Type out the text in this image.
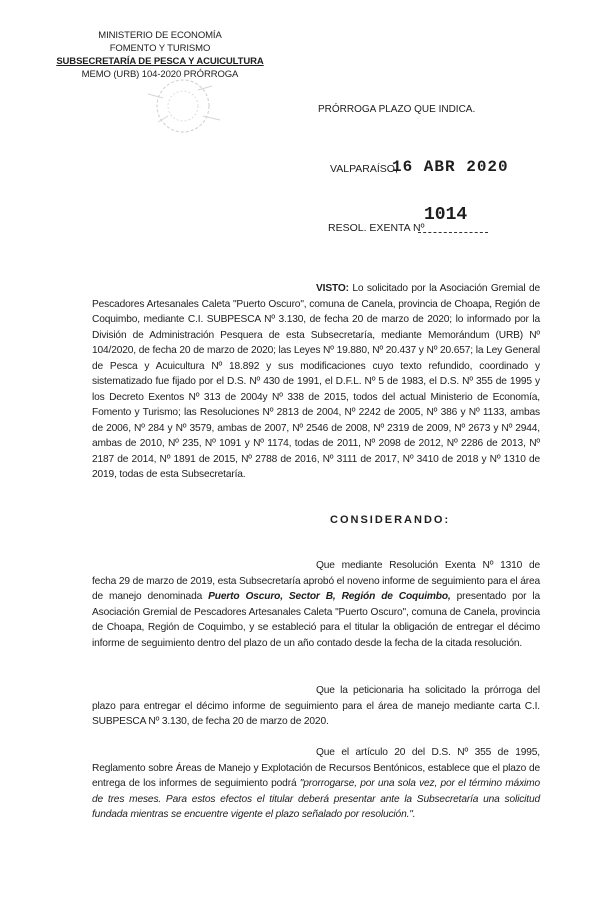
MINISTERIO DE ECONOMÍA
FOMENTO Y TURISMO
SUBSECRETARÍA DE PESCA Y ACUICULTURA
MEMO (URB) 104-2020 PRÓRROGA
PRÓRROGA PLAZO QUE INDICA.
VALPARAÍSO,
16 ABR 2020
RESOL. EXENTA Nº
1014

VISTO: Lo solicitado por la Asociación Gremial de Pescadores Artesanales Caleta "Puerto Oscuro", comuna de Canela, provincia de Choapa, Región de Coquimbo, mediante C.I. SUBPESCA Nº 3.130, de fecha 20 de marzo de 2020; lo informado por la División de Administración Pesquera de esta Subsecretaría, mediante Memorándum (URB) Nº 104/2020, de fecha 20 de marzo de 2020; las Leyes Nº 19.880, Nº 20.437 y Nº 20.657; la Ley General de Pesca y Acuicultura Nº 18.892 y sus modificaciones cuyo texto refundido, coordinado y sistematizado fue fijado por el D.S. Nº 430 de 1991, el D.F.L. Nº 5 de 1983, el D.S. Nº 355 de 1995 y los Decreto Exentos Nº 313 de 2004y Nº 338 de 2015, todos del actual Ministerio de Economía, Fomento y Turismo; las Resoluciones Nº 2813 de 2004, Nº 2242 de 2005, Nº 386 y Nº 1133, ambas de 2006, Nº 284 y Nº 3579, ambas de 2007, Nº 2546 de 2008, Nº 2319 de 2009, Nº 2673 y Nº 2944, ambas de 2010, Nº 235, Nº 1091 y Nº 1174, todas de 2011, Nº 2098 de 2012, Nº 2286 de 2013, Nº 2187 de 2014, Nº 1891 de 2015, Nº 2788 de 2016, Nº 3111 de 2017, Nº 3410 de 2018 y Nº 1310 de 2019, todas de esta Subsecretaría.

CONSIDERANDO:

Que mediante Resolución Exenta Nº 1310 de fecha 29 de marzo de 2019, esta Subsecretaría aprobó el noveno informe de seguimiento para el área de manejo denominada Puerto Oscuro, Sector B, Región de Coquimbo, presentado por la Asociación Gremial de Pescadores Artesanales Caleta "Puerto Oscuro", comuna de Canela, provincia de Choapa, Región de Coquimbo, y se estableció para el titular la obligación de entregar el décimo informe de seguimiento dentro del plazo de un año contado desde la fecha de la citada resolución.

Que la peticionaria ha solicitado la prórroga del plazo para entregar el décimo informe de seguimiento para el área de manejo mediante carta C.I. SUBPESCA Nº 3.130, de fecha 20 de marzo de 2020.

Que el artículo 20 del D.S. Nº 355 de 1995, Reglamento sobre Áreas de Manejo y Explotación de Recursos Bentónicos, establece que el plazo de entrega de los informes de seguimiento podrá "prorrogarse, por una sola vez, por el término máximo de tres meses. Para estos efectos el titular deberá presentar ante la Subsecretaría una solicitud fundada mientras se encuentre vigente el plazo señalado por resolución.".
